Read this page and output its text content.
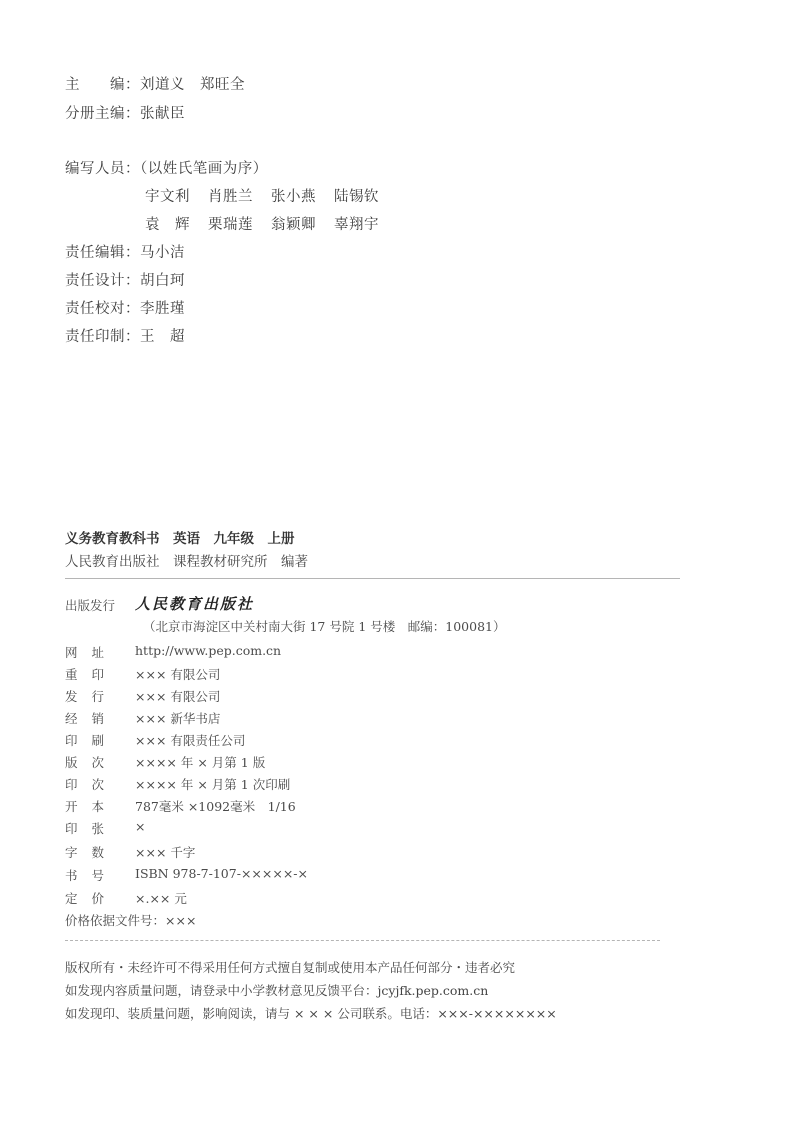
主　　编：刘道义　郑旺全
分册主编：张献臣
编写人员：（以姓氏笔画为序）
宇文利 肖胜兰 张小燕 陆锡钦
袁　辉 栗瑞莲 翁颖卿 辜翔宇
责任编辑：马小洁
责任设计：胡白珂
责任校对：李胜瑾
责任印制：王　超
义务教育教科书　英语　九年级　上册
人民教育出版社　课程教材研究所　编著
出版发行 人民教育出版社
（北京市海淀区中关村南大街 17 号院 1 号楼　邮编：100081）
网址 http://www.pep.com.cn
重印 ××× 有限公司
发行 ××× 有限公司
经销 ××× 新华书店
印刷 ××× 有限责任公司
版次 ×××× 年 × 月第 1 版
印次 ×××× 年 × 月第 1 次印刷
开本 787毫米 ×1092毫米　1/16
印张 ×
字数 ××× 千字
书号 ISBN 978-7-107-×××××-×
定价 ×.×× 元
价格依据文件号：×××
版权所有・未经许可不得采用任何方式擅自复制或使用本产品任何部分・违者必究
如发现内容质量问题，请登录中小学教材意见反馈平台：jcyjfk.pep.com.cn
如发现印、装质量问题，影响阅读，请与 × × × 公司联系。电话：×××-××××××××
